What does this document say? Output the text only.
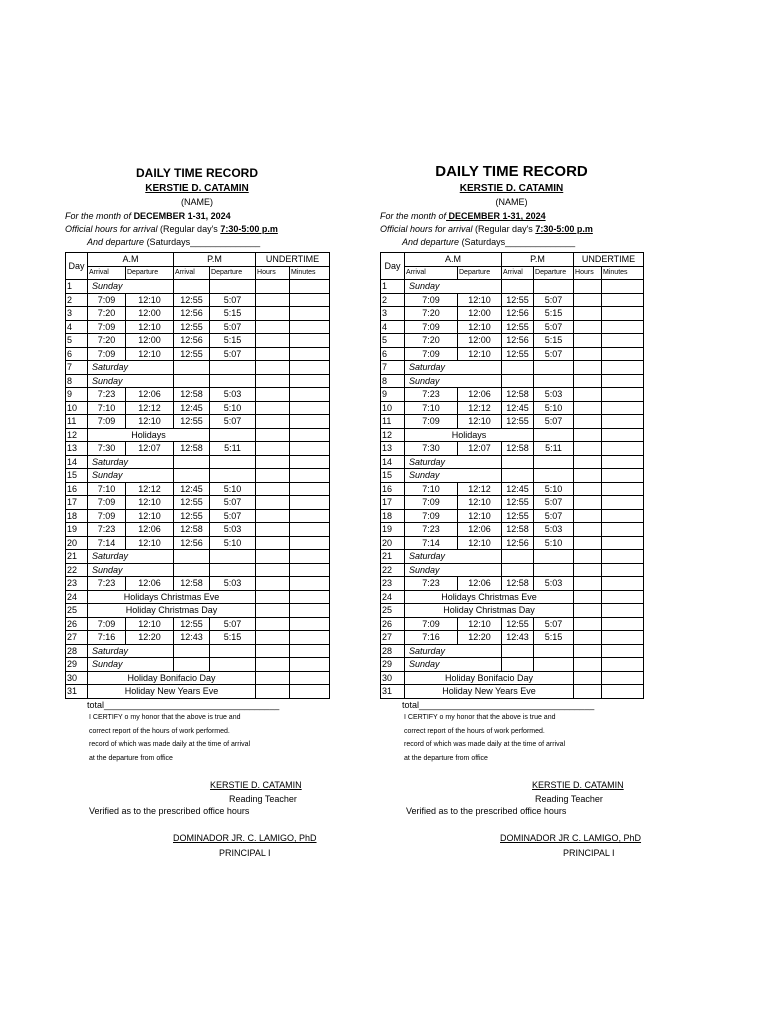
DAILY TIME RECORD
KERSTIE D. CATAMIN
(NAME)
For the month of DECEMBER 1-31, 2024
Official hours for arrival (Regular day's 7:30-5:00 p.m
And departure (Saturdays______________
Day	A.M		P.M		UNDERTIME	
	Arrival	Departure	Arrival	Departure	Hours	Minutes
1	Sunday					
2	7:09	12:10	12:55	5:07		
3	7:20	12:00	12:56	5:15		
4	7:09	12:10	12:55	5:07		
5	7:20	12:00	12:56	5:15		
6	7:09	12:10	12:55	5:07		
7	Saturday					
8	Sunday					
9	7:23	12:06	12:58	5:03		
10	7:10	12:12	12:45	5:10		
11	7:09	12:10	12:55	5:07		
12	Holidays					
13	7:30	12:07	12:58	5:11		
14	Saturday					
15	Sunday					
16	7:10	12:12	12:45	5:10		
17	7:09	12:10	12:55	5:07		
18	7:09	12:10	12:55	5:07		
19	7:23	12:06	12:58	5:03		
20	7:14	12:10	12:56	5:10		
21	Saturday					
22	Sunday					
23	7:23	12:06	12:58	5:03		
24	Holidays Christmas Eve					
25	Holiday Christmas Day					
26	7:09	12:10	12:55	5:07		
27	7:16	12:20	12:43	5:15		
28	Saturday					
29	Sunday					
30	Holiday Bonifacio Day					
31	Holiday New Years Eve					
total___________________________________
I CERTIFY o my honor that the above is true and
correct report of the hours of work performed.
record of which was made daily at the time of arrival
at the departure from office
KERSTIE D. CATAMIN
Reading Teacher
Verified as to the prescribed office hours
DOMINADOR JR. C. LAMIGO, PhD
PRINCIPAL I
DAILY TIME RECORD
KERSTIE D. CATAMIN
(NAME)
For the month of DECEMBER 1-31, 2024
Official hours for arrival (Regular day's 7:30-5:00 p.m
And departure (Saturdays______________
Day	A.M		P.M		UNDERTIME	
	Arrival	Departure	Arrival	Departure	Hours	Minutes
1	Sunday					
2	7:09	12:10	12:55	5:07		
3	7:20	12:00	12:56	5:15		
4	7:09	12:10	12:55	5:07		
5	7:20	12:00	12:56	5:15		
6	7:09	12:10	12:55	5:07		
7	Saturday					
8	Sunday					
9	7:23	12:06	12:58	5:03		
10	7:10	12:12	12:45	5:10		
11	7:09	12:10	12:55	5:07		
12	Holidays					
13	7:30	12:07	12:58	5:11		
14	Saturday					
15	Sunday					
16	7:10	12:12	12:45	5:10		
17	7:09	12:10	12:55	5:07		
18	7:09	12:10	12:55	5:07		
19	7:23	12:06	12:58	5:03		
20	7:14	12:10	12:56	5:10		
21	Saturday					
22	Sunday					
23	7:23	12:06	12:58	5:03		
24	Holidays Christmas Eve					
25	Holiday Christmas Day					
26	7:09	12:10	12:55	5:07		
27	7:16	12:20	12:43	5:15		
28	Saturday					
29	Sunday					
30	Holiday Bonifacio Day					
31	Holiday New Years Eve					
total___________________________________
I CERTIFY o my honor that the above is true and
correct report of the hours of work performed.
record of which was made daily at the time of arrival
at the departure from office
KERSTIE D. CATAMIN
Reading Teacher
Verified as to the prescribed office hours
DOMINADOR JR C. LAMIGO, PhD
PRINCIPAL I
